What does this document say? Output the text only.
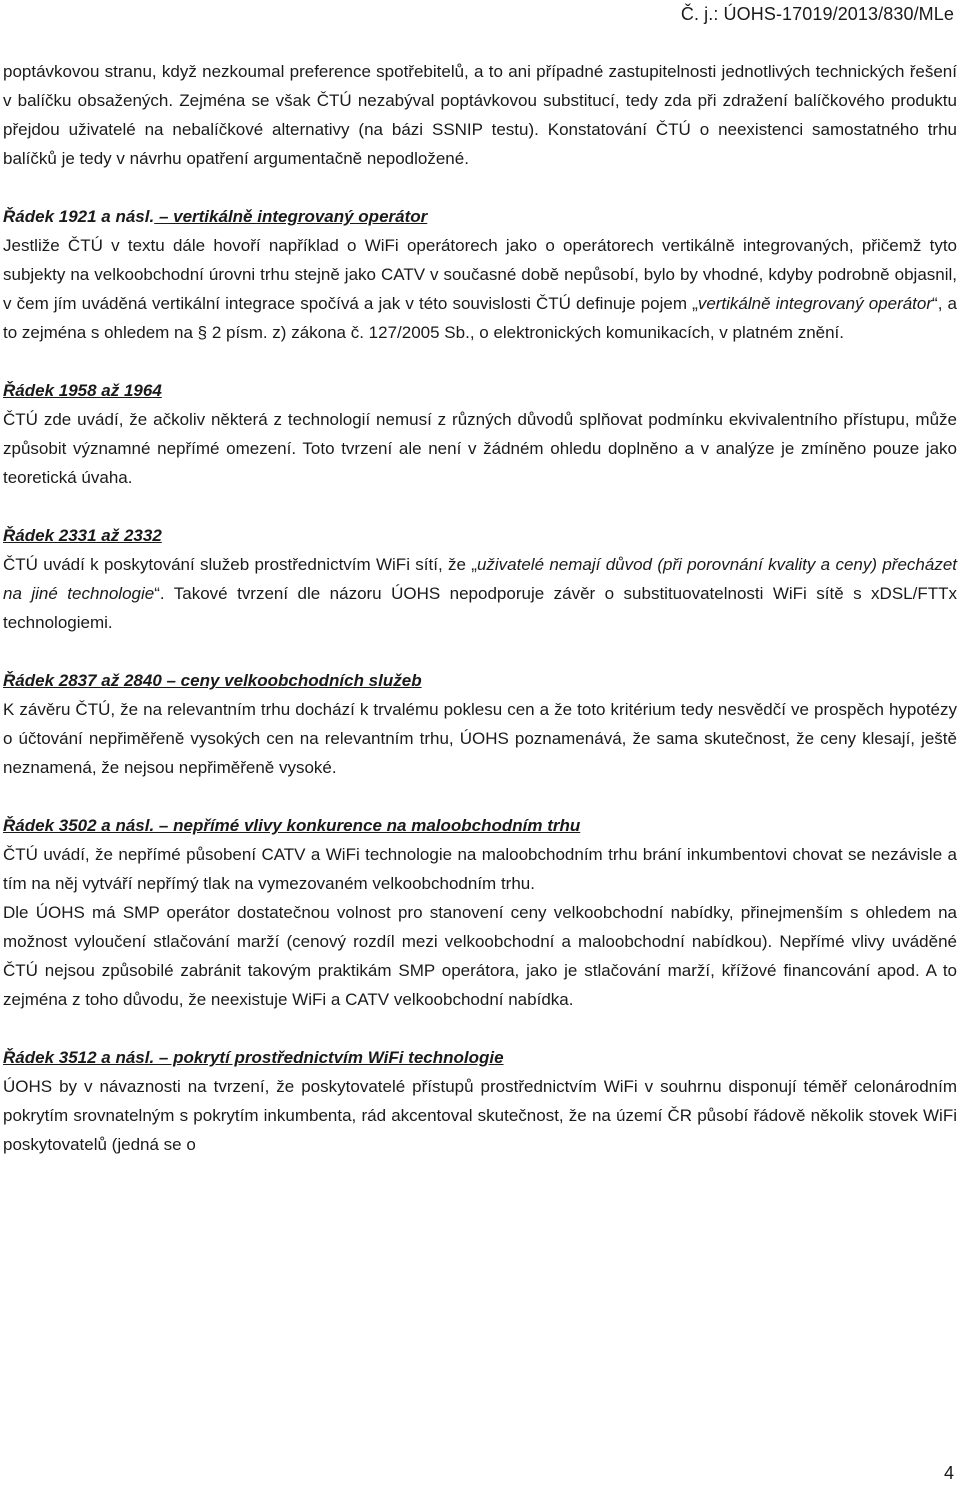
Č. j.: ÚOHS-17019/2013/830/MLe

poptávkovou stranu, když nezkoumal preference spotřebitelů, a to ani případné zastupitelnosti jednotlivých technických řešení v balíčku obsažených. Zejména se však ČTÚ nezabýval poptávkovou substitucí, tedy zda při zdražení balíčkového produktu přejdou uživatelé na nebalíčkové alternativy (na bázi SSNIP testu). Konstatování ČTÚ o neexistenci samostatného trhu balíčků je tedy v návrhu opatření argumentačně nepodložené.

Řádek 1921 a násl. – vertikálně integrovaný operátor

Jestliže ČTÚ v textu dále hovoří například o WiFi operátorech jako o operátorech vertikálně integrovaných, přičemž tyto subjekty na velkoobchodní úrovni trhu stejně jako CATV v současné době nepůsobí, bylo by vhodné, kdyby podrobně objasnil, v čem jím uváděná vertikální integrace spočívá a jak v této souvislosti ČTÚ definuje pojem „vertikálně integrovaný operátor“, a to zejména s ohledem na § 2 písm. z) zákona č. 127/2005 Sb., o elektronických komunikacích, v platném znění.

Řádek 1958 až 1964

ČTÚ zde uvádí, že ačkoliv některá z technologií nemusí z různých důvodů splňovat podmínku ekvivalentního přístupu, může způsobit významné nepřímé omezení. Toto tvrzení ale není v žádném ohledu doplněno a v analýze je zmíněno pouze jako teoretická úvaha.

Řádek 2331 až 2332

ČTÚ uvádí k poskytování služeb prostřednictvím WiFi sítí, že „uživatelé nemají důvod (při porovnání kvality a ceny) přecházet na jiné technologie“. Takové tvrzení dle názoru ÚOHS nepodporuje závěr o substituovatelnosti WiFi sítě s xDSL/FTTx technologiemi.

Řádek 2837 až 2840 – ceny velkoobchodních služeb

K závěru ČTÚ, že na relevantním trhu dochází k trvalému poklesu cen a že toto kritérium tedy nesvědčí ve prospěch hypotézy o účtování nepřiměřeně vysokých cen na relevantním trhu, ÚOHS poznamenává, že sama skutečnost, že ceny klesají, ještě neznamená, že nejsou nepřiměřeně vysoké.

Řádek 3502 a násl. – nepřímé vlivy konkurence na maloobchodním trhu

ČTÚ uvádí, že nepřímé působení CATV a WiFi technologie na maloobchodním trhu brání inkumbentovi chovat se nezávisle a tím na něj vytváří nepřímý tlak na vymezovaném velkoobchodním trhu.

Dle ÚOHS má SMP operátor dostatečnou volnost pro stanovení ceny velkoobchodní nabídky, přinejmenším s ohledem na možnost vyloučení stlačování marží (cenový rozdíl mezi velkoobchodní a maloobchodní nabídkou). Nepřímé vlivy uváděné ČTÚ nejsou způsobilé zabránit takovým praktikám SMP operátora, jako je stlačování marží, křížové financování apod. A to zejména z toho důvodu, že neexistuje WiFi a CATV velkoobchodní nabídka.

Řádek 3512 a násl. – pokrytí prostřednictvím WiFi technologie

ÚOHS by v návaznosti na tvrzení, že poskytovatelé přístupů prostřednictvím WiFi v souhrnu disponují téměř celonárodním pokrytím srovnatelným s pokrytím inkumbenta, rád akcentoval skutečnost, že na území ČR působí řádově několik stovek WiFi poskytovatelů (jedná se o

4
